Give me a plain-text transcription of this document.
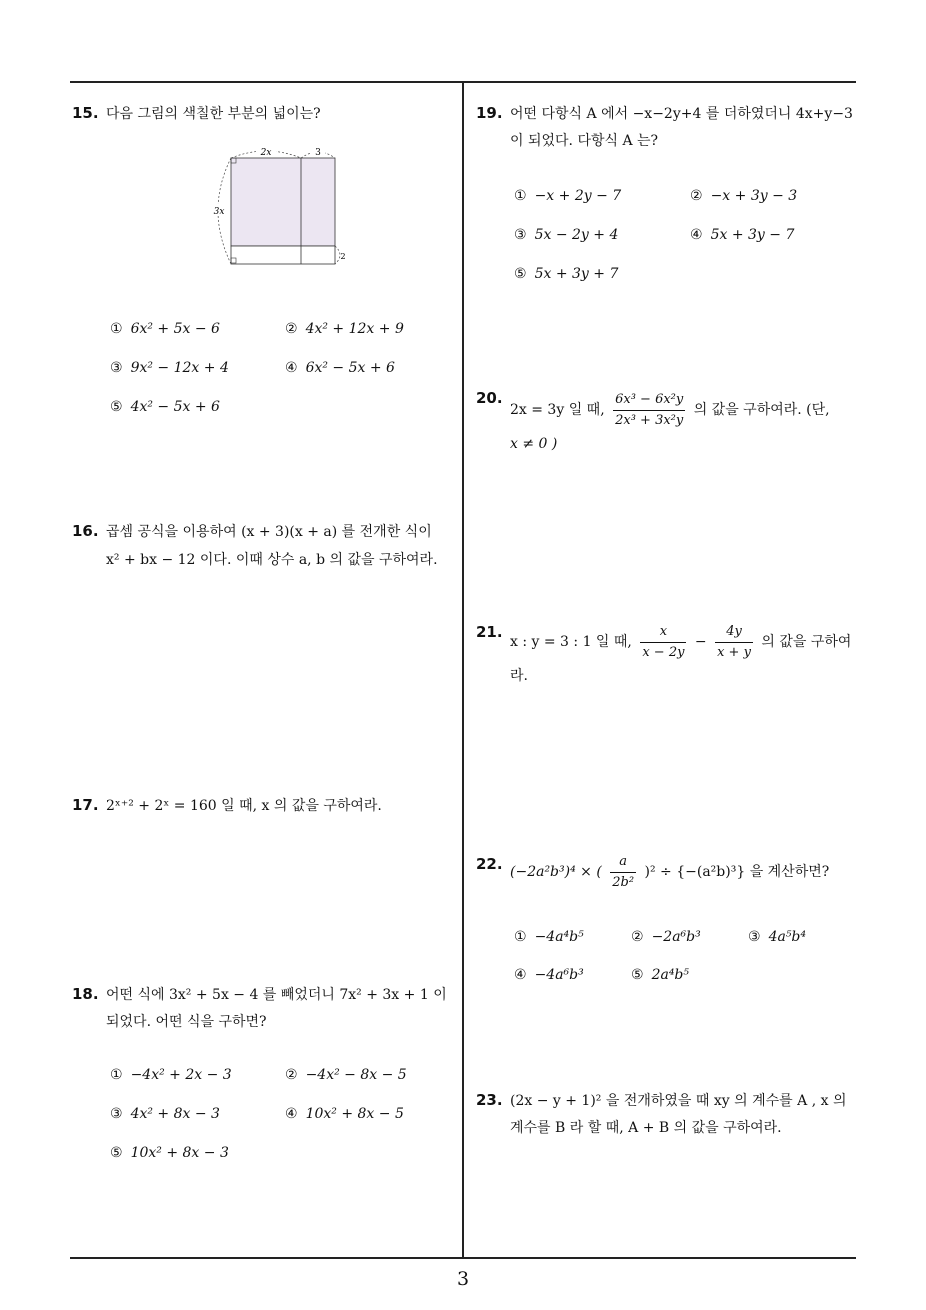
15. 다음 그림의 색칠한 부분의 넓이는?
2x	3
3x
2
① 6x² + 5x − 6	② 4x² + 12x + 9
③ 9x² − 12x + 4	④ 6x² − 5x + 6
⑤ 4x² − 5x + 6
16. 곱셈 공식을 이용하여 (x + 3)(x + a) 를 전개한 식이
x² + bx − 12 이다. 이때 상수 a, b 의 값을 구하여라.
17. 2ˣ⁺² + 2ˣ = 160 일 때, x 의 값을 구하여라.
18. 어떤 식에 3x² + 5x − 4 를 빼었더니 7x² + 3x + 1 이
되었다. 어떤 식을 구하면?
① −4x² + 2x − 3	② −4x² − 8x − 5
③ 4x² + 8x − 3	④ 10x² + 8x − 5
⑤ 10x² + 8x − 3
19. 어떤 다항식 A 에서 −x−2y+4 를 더하였더니 4x+y−3
이 되었다. 다항식 A 는?
① −x + 2y − 7	② −x + 3y − 3
③ 5x − 2y + 4	④ 5x + 3y − 7
⑤ 5x + 3y + 7
20.
2x = 3y 일 때, $\frac{\text{6x³ − 6x²y}}{\text{2x³ + 3x²y}}$ 의 값을 구하여라. (단,
x ≠ 0 )
21.
x : y = 3 : 1 일 때, $\frac{x}{x - 2y} - \frac{4y}{x + y}$ 의 값을 구하여
라.
22. (−2a²b³)⁴ × ( $\frac{a}{\text{2b²}} )^2 \div \{-(a^2b)^3\}$ 을 계산하면?
① −4a⁴b⁵	② −2a⁶b³	③ 4a⁵b⁴
④ −4a⁶b³	⑤ 2a⁴b⁵
23. (2x − y + 1)² 을 전개하였을 때 xy 의 계수를 A , x 의
계수를 B 라 할 때, A + B 의 값을 구하여라.
3
